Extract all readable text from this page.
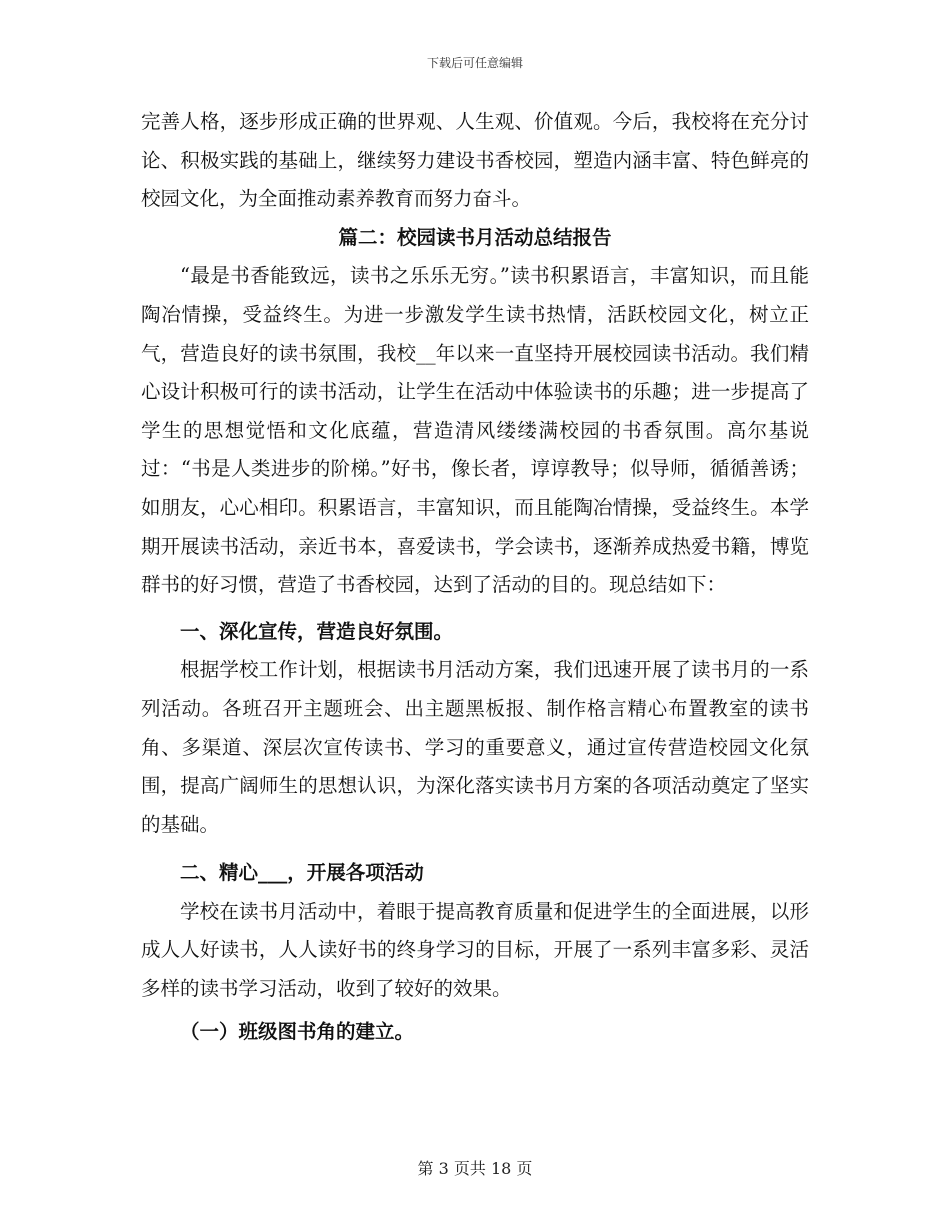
下载后可任意编辑

完善人格，逐步形成正确的世界观、人生观、价值观。今后，我校将在充分讨论、积极实践的基础上，继续努力建设书香校园，塑造内涵丰富、特色鲜亮的校园文化，为全面推动素养教育而努力奋斗。

篇二：校园读书月活动总结报告

“最是书香能致远，读书之乐乐无穷。”读书积累语言，丰富知识，而且能陶冶情操，受益终生。为进一步激发学生读书热情，活跃校园文化，树立正气，营造良好的读书氛围，我校__年以来一直坚持开展校园读书活动。我们精心设计积极可行的读书活动，让学生在活动中体验读书的乐趣；进一步提高了学生的思想觉悟和文化底蕴，营造清风缕缕满校园的书香氛围。高尔基说过：“书是人类进步的阶梯。”好书，像长者，谆谆教导；似导师，循循善诱；如朋友，心心相印。积累语言，丰富知识，而且能陶冶情操，受益终生。本学期开展读书活动，亲近书本，喜爱读书，学会读书，逐渐养成热爱书籍，博览群书的好习惯，营造了书香校园，达到了活动的目的。现总结如下：

一、深化宣传，营造良好氛围。

根据学校工作计划，根据读书月活动方案，我们迅速开展了读书月的一系列活动。各班召开主题班会、出主题黑板报、制作格言精心布置教室的读书角、多渠道、深层次宣传读书、学习的重要意义，通过宣传营造校园文化氛围，提高广阔师生的思想认识，为深化落实读书月方案的各项活动奠定了坚实的基础。

二、精心___，开展各项活动

学校在读书月活动中，着眼于提高教育质量和促进学生的全面进展，以形成人人好读书，人人读好书的终身学习的目标，开展了一系列丰富多彩、灵活多样的读书学习活动，收到了较好的效果。

（一）班级图书角的建立。

第 3 页共 18 页
